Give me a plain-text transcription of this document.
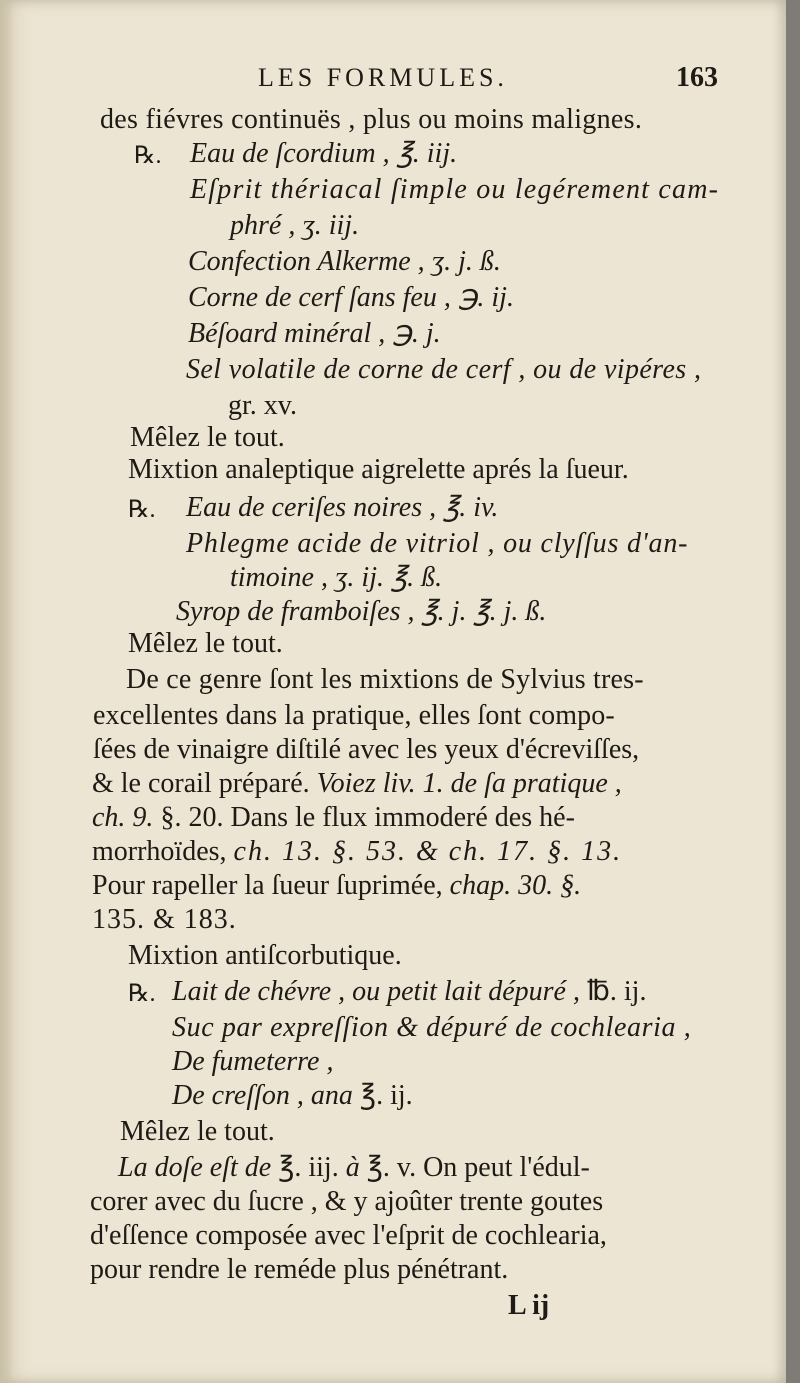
LES FORMULES.	163
des fiévres continuës , plus ou moins malignes.
℞. Eau de ſcordium , ℥. iij.
Eſprit thériacal ſimple ou legérement cam-
phré , ʒ. iij.
Confection Alkerme , ʒ. j. ß.
Corne de cerf ſans feu , ℈. ij.
Béſoard minéral , ℈. j.
Sel volatile de corne de cerf , ou de vipéres ,
gr. xv.
Mêlez le tout.
Mixtion analeptique aigrelette aprés la ſueur.
℞. Eau de ceriſes noires , ℥. iv.
Phlegme acide de vitriol , ou clyſſus d'an-
timoine , ʒ. ij. ℥. ß.
Syrop de framboiſes , ℥. j. ℥. j. ß.
Mêlez le tout.
De ce genre ſont les mixtions de Sylvius tres-
excellentes dans la pratique, elles ſont compo-
ſées de vinaigre diſtilé avec les yeux d'écreviſſes,
& le corail préparé. Voiez liv. 1. de ſa pratique ,
ch. 9. §. 20. Dans le flux immoderé des hé-
morrhoïdes, ch. 13. §. 53. & ch. 17. §. 13.
Pour rapeller la ſueur ſuprimée, chap. 30. §.
135. & 183.
Mixtion antiſcorbutique.
℞. Lait de chévre , ou petit lait dépuré , ℔. ij.
Suc par expreſſion & dépuré de cochlearia ,
De fumeterre ,
De creſſon , ana ℥. ij.
Mêlez le tout.
La doſe eſt de ℥. iij. à ℥. v. On peut l'édul-
corer avec du ſucre , & y ajoûter trente goutes
d'eſſence composée avec l'eſprit de cochlearia,
pour rendre le reméde plus pénétrant.
L ij
